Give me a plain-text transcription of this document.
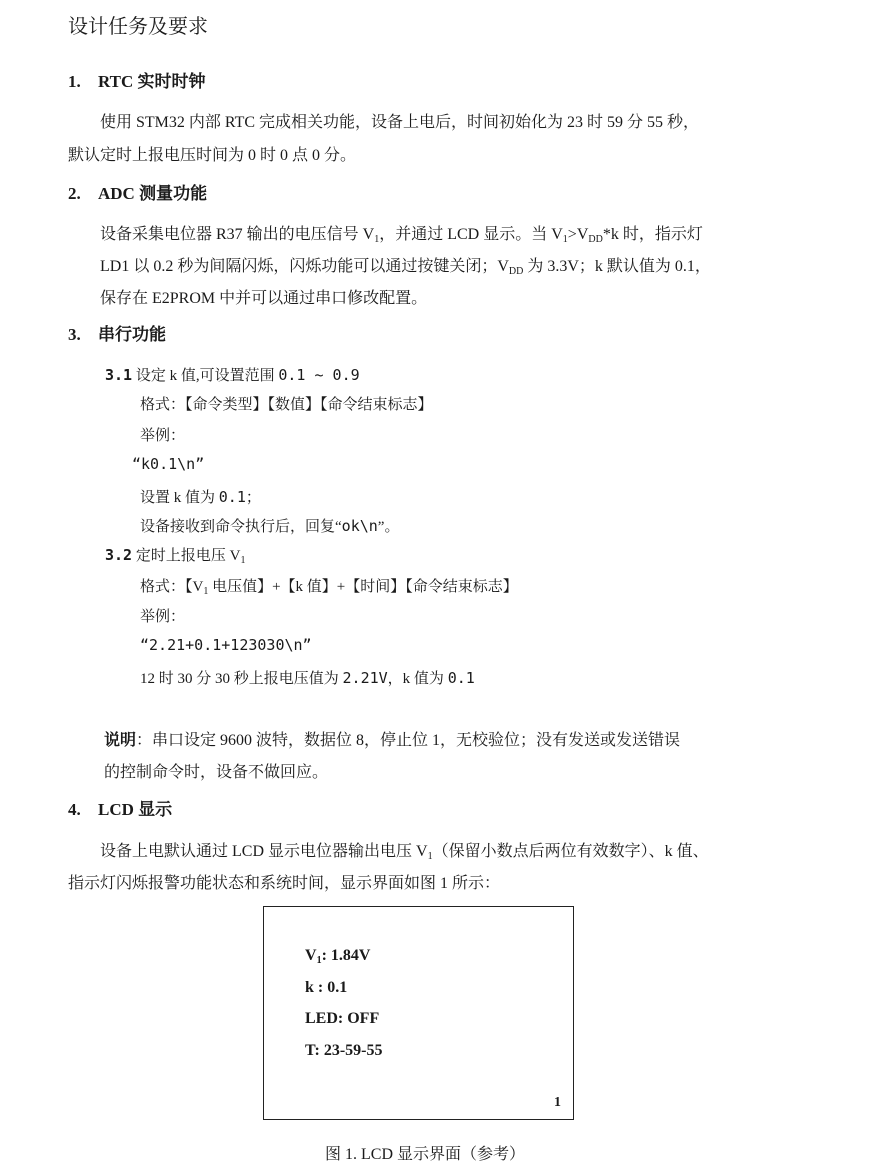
设计任务及要求
1. RTC 实时时钟
使用 STM32 内部 RTC 完成相关功能，设备上电后，时间初始化为 23 时 59 分 55 秒，
默认定时上报电压时间为 0 时 0 点 0 分。
2. ADC 测量功能
设备采集电位器 R37 输出的电压信号 $V_1$，并通过 LCD 显示。当 $V_1>V_{DD}*k$ 时，指示灯
LD1 以 0.2 秒为间隔闪烁，闪烁功能可以通过按键关闭；$V_{DD}$ 为 3.3V；k 默认值为 0.1，
保存在 E2PROM 中并可以通过串口修改配置。
3. 串行功能
3.1 设定 k 值,可设置范围 0.1 ~ 0.9
格式：【命令类型】【数值】【命令结束标志】
举例：
“k0.1\n”
设置 k 值为 0.1；
设备接收到命令执行后，回复“ok\n”。
3.2 定时上报电压 $V_1$
格式：【$V_1$ 电压值】+【k 值】+【时间】【命令结束标志】
举例：
“2.21+0.1+123030\n”
12 时 30 分 30 秒上报电压值为 2.21V，k 值为 0.1
说明：串口设定 9600 波特，数据位 8，停止位 1，无校验位；没有发送或发送错误
的控制命令时，设备不做回应。
4. LCD 显示
设备上电默认通过 LCD 显示电位器输出电压 $V_1$（保留小数点后两位有效数字）、k 值、
指示灯闪烁报警功能状态和系统时间，显示界面如图 1 所示：
$V_1$: 1.84V
k : 0.1
LED: OFF
T: 23-59-55
1
图 1. LCD 显示界面（参考）
